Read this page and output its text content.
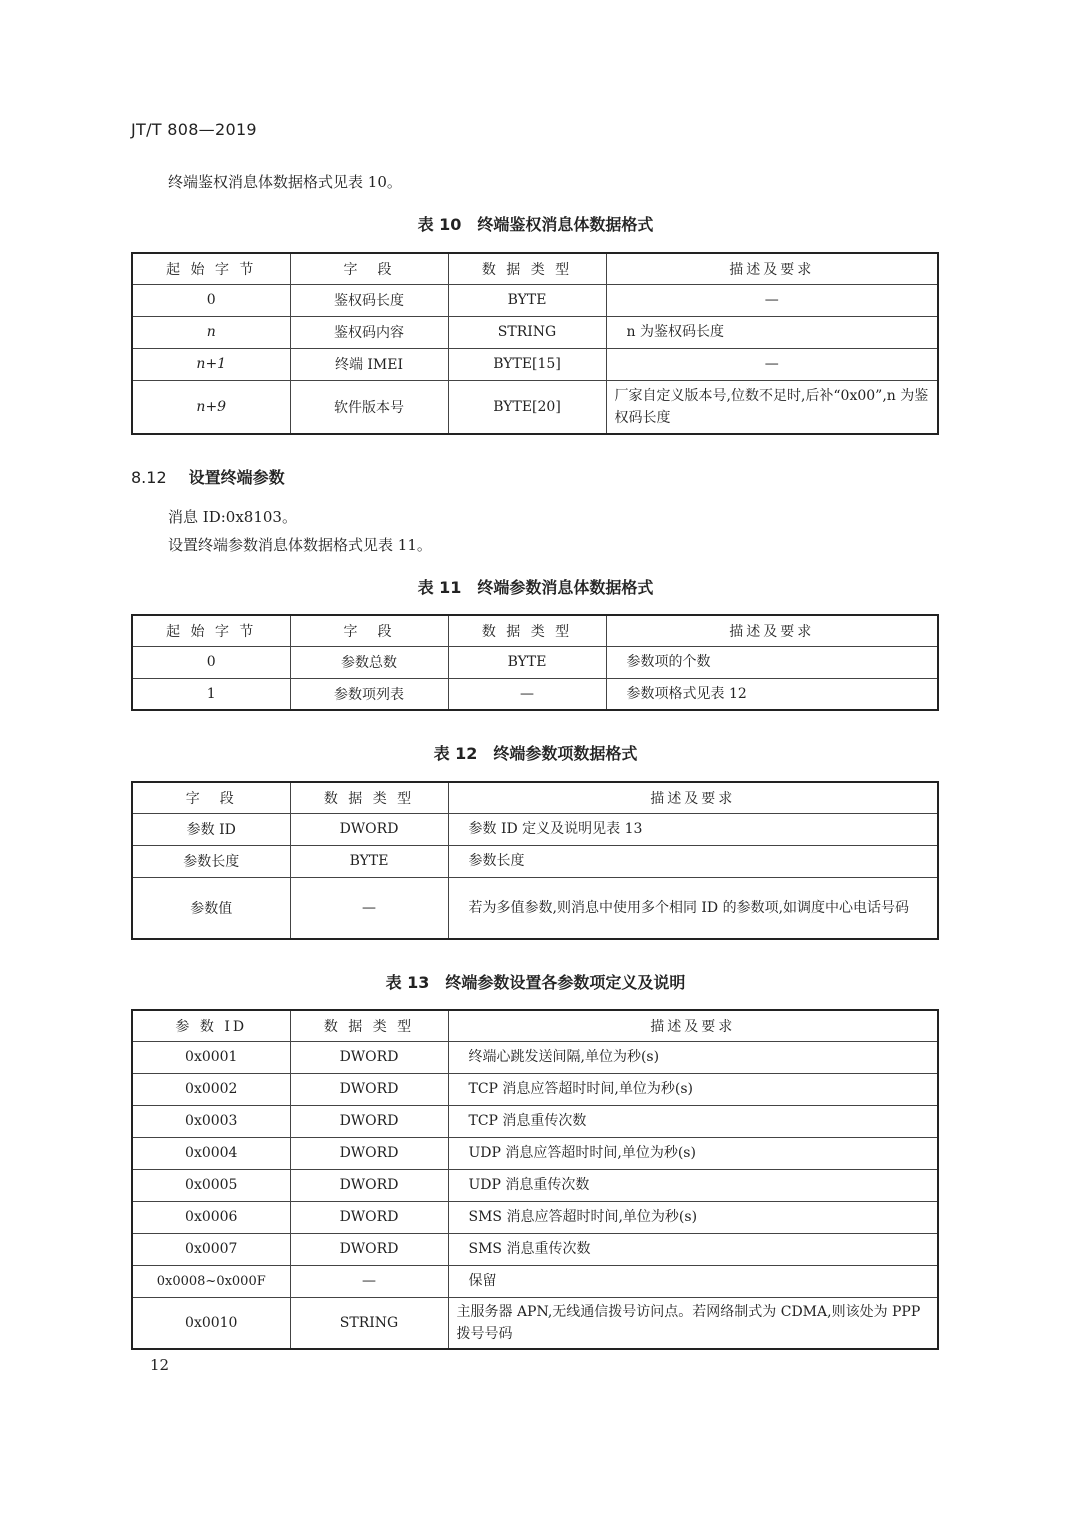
JT/T 808—2019
终端鉴权消息体数据格式见表 10。
表 10　终端鉴权消息体数据格式
起 始 字 节	字　段	数 据 类 型	描述及要求
0	鉴权码长度	BYTE	—
n	鉴权码内容	STRING	n 为鉴权码长度
n+1	终端 IMEI	BYTE[15]	—
n+9	软件版本号	BYTE[20]	厂家自定义版本号,位数不足时,后补“0x00”,n 为鉴权码长度
8.12 设置终端参数
消息 ID:0x8103。
设置终端参数消息体数据格式见表 11。
表 11　终端参数消息体数据格式
起 始 字 节	字　段	数 据 类 型	描述及要求
0	参数总数	BYTE	参数项的个数
1	参数项列表	—	参数项格式见表 12
表 12　终端参数项数据格式
字　段	数 据 类 型	描述及要求
参数 ID	DWORD	参数 ID 定义及说明见表 13
参数长度	BYTE	参数长度
参数值	—	若为多值参数,则消息中使用多个相同 ID 的参数项,如调度中心电话号码
表 13　终端参数设置各参数项定义及说明
参 数 ID	数 据 类 型	描述及要求
0x0001	DWORD	终端心跳发送间隔,单位为秒(s)
0x0002	DWORD	TCP 消息应答超时时间,单位为秒(s)
0x0003	DWORD	TCP 消息重传次数
0x0004	DWORD	UDP 消息应答超时时间,单位为秒(s)
0x0005	DWORD	UDP 消息重传次数
0x0006	DWORD	SMS 消息应答超时时间,单位为秒(s)
0x0007	DWORD	SMS 消息重传次数
0x0008~0x000F	—	保留
0x0010	STRING	主服务器 APN,无线通信拨号访问点。若网络制式为 CDMA,则该处为 PPP 拨号号码
12
